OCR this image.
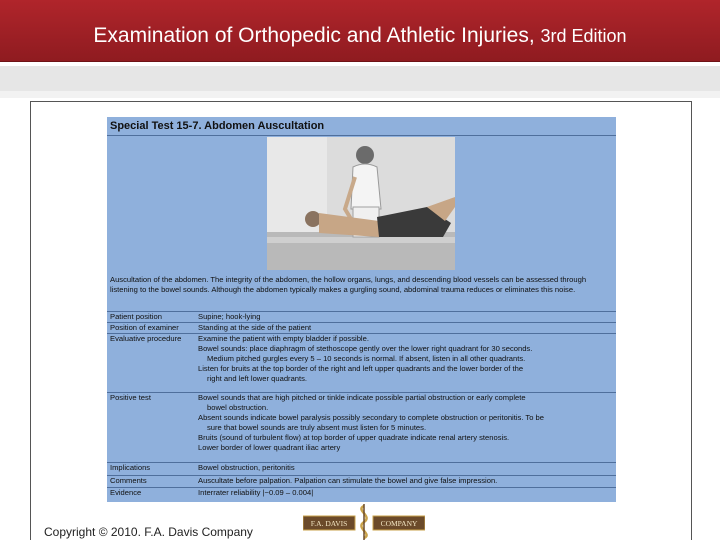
Examination of Orthopedic and Athletic Injuries, 3rd Edition
Special Test 15-7. Abdomen Auscultation
Auscultation of the abdomen. The integrity of the abdomen, the hollow organs, lungs, and descending blood vessels can be assessed through listening to the bowel sounds. Although the abdomen typically makes a gurgling sound, abdominal trauma reduces or eliminates this noise.
Patient position	Supine; hook-lying
Position of examiner	Standing at the side of the patient
Evaluative procedure Examine the patient with empty bladder if possible.
Bowel sounds: place diaphragm of stethoscope gently over the lower right quadrant for 30 seconds.
Medium pitched gurgles every 5 – 10 seconds is normal. If absent, listen in all other quadrants.
Listen for bruits at the top border of the right and left upper quadrants and the lower border of the
right and left lower quadrants.
Positive test	Bowel sounds that are high pitched or tinkle indicate possible partial obstruction or early complete
bowel obstruction.
Absent sounds indicate bowel paralysis possibly secondary to complete obstruction or peritonitis. To be
sure that bowel sounds are truly absent must listen for 5 minutes.
Bruits (sound of turbulent flow) at top border of upper quadrate indicate renal artery stenosis.
Lower border of lower quadrant iliac artery
Implications	Bowel obstruction, peritonitis
Comments	Auscultate before palpation. Palpation can stimulate the bowel and give false impression.
Evidence	Interrater reliability |−0.09 – 0.004|
Copyright © 2010. F.A. Davis Company
F.A. DAVIS	COMPANY
